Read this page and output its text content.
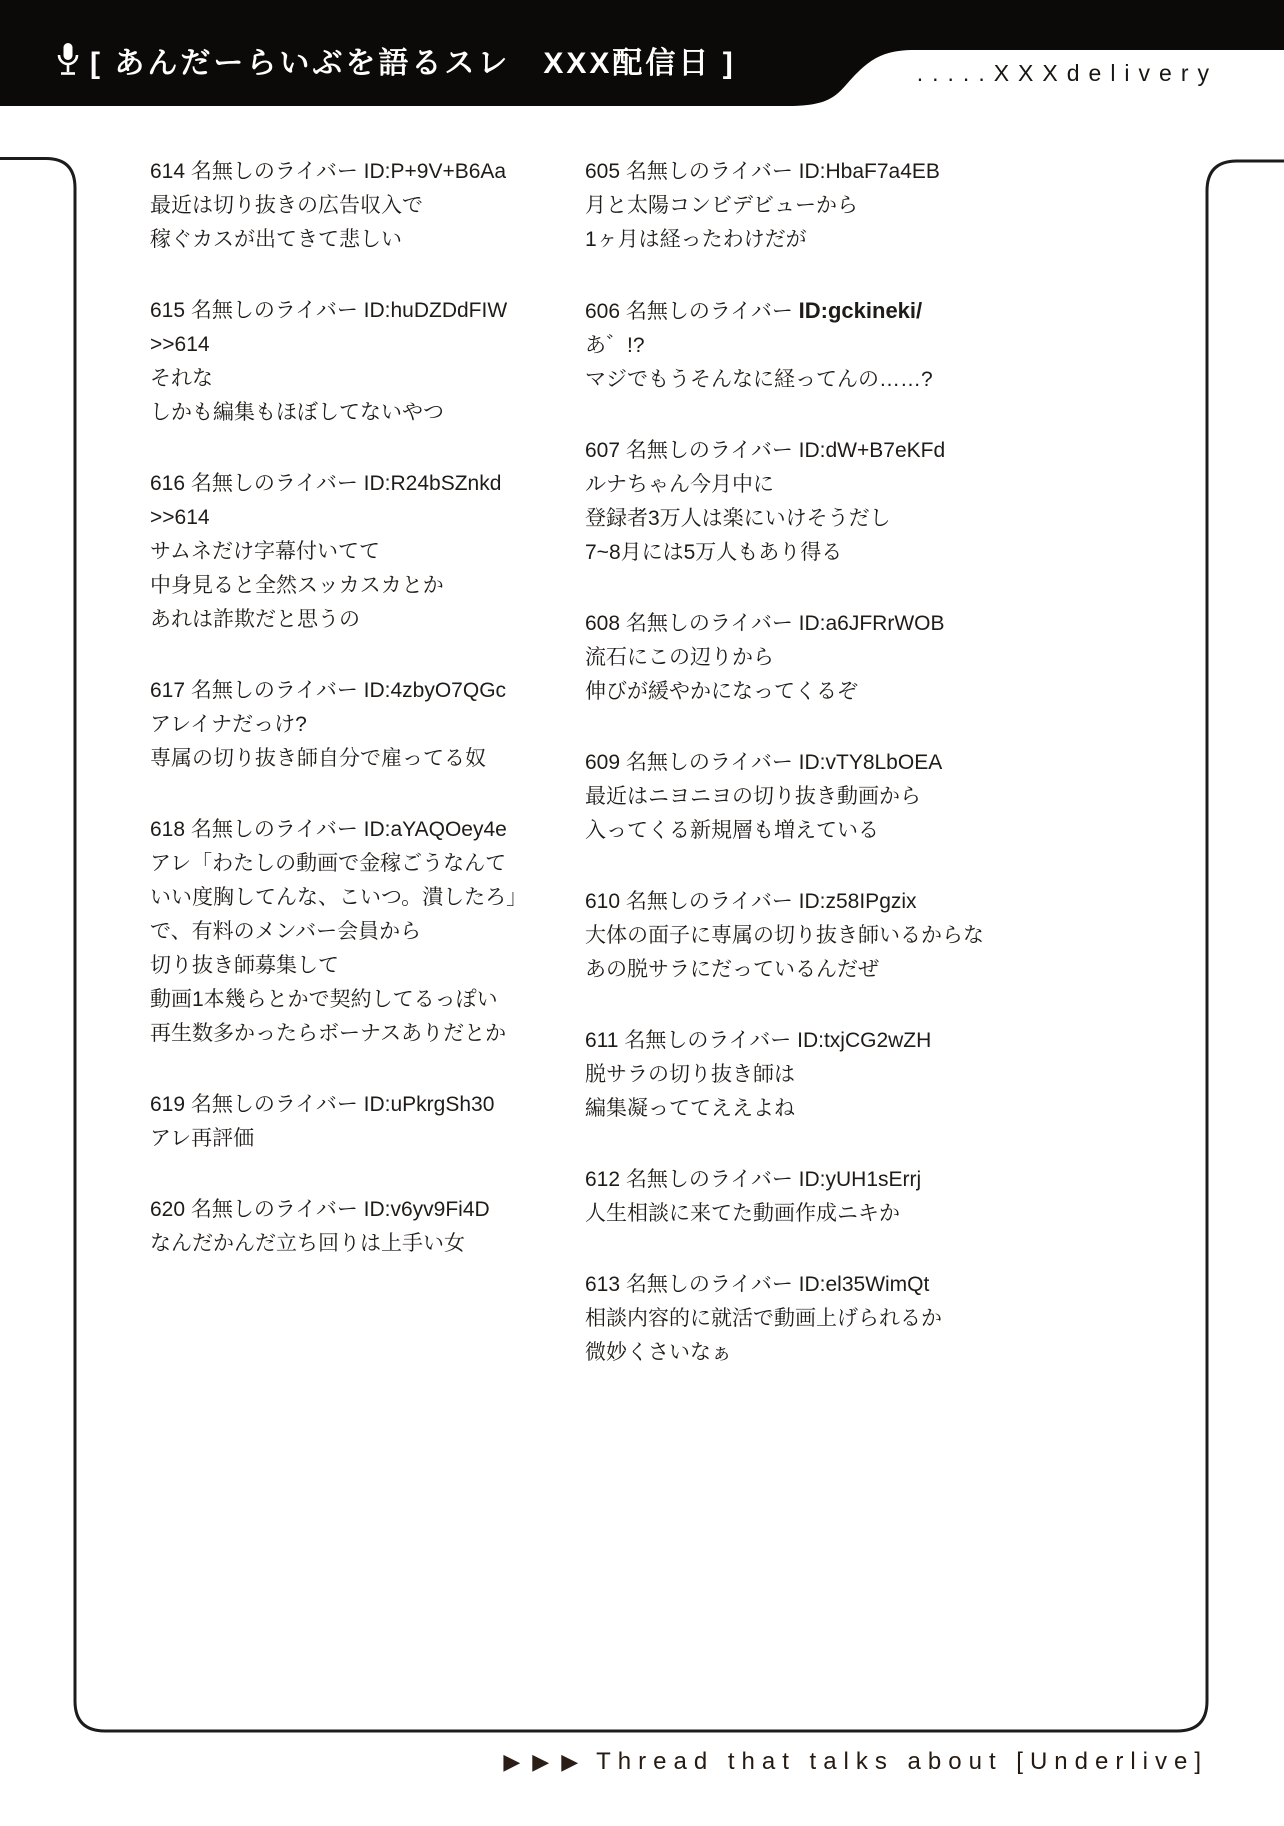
[ あんだーらいぶを語るスレ　XXX配信日 ]	.....XXXdelivery
614 名無しのライバー ID:P+9V+B6Aa
最近は切り抜きの広告収入で
稼ぐカスが出てきて悲しい
615 名無しのライバー ID:huDZDdFIW
>>614
それな
しかも編集もほぼしてないやつ
616 名無しのライバー ID:R24bSZnkd
>>614
サムネだけ字幕付いてて
中身見ると全然スッカスカとか
あれは詐欺だと思うの
617 名無しのライバー ID:4zbyO7QGc
アレイナだっけ?
専属の切り抜き師自分で雇ってる奴
618 名無しのライバー ID:aYAQOey4e
アレ「わたしの動画で金稼ごうなんて
いい度胸してんな、こいつ。潰したろ」
で、有料のメンバー会員から
切り抜き師募集して
動画1本幾らとかで契約してるっぽい
再生数多かったらボーナスありだとか
619 名無しのライバー ID:uPkrgSh30
アレ再評価
620 名無しのライバー ID:v6yv9Fi4D
なんだかんだ立ち回りは上手い女
605 名無しのライバー ID:HbaF7a4EB
月と太陽コンビデビューから
1ヶ月は経ったわけだが
606 名無しのライバー ID:gckineki/
あ゛!?
マジでもうそんなに経ってんの……?
607 名無しのライバー ID:dW+B7eKFd
ルナちゃん今月中に
登録者3万人は楽にいけそうだし
7~8月には5万人もあり得る
608 名無しのライバー ID:a6JFRrWOB
流石にこの辺りから
伸びが緩やかになってくるぞ
609 名無しのライバー ID:vTY8LbOEA
最近はニヨニヨの切り抜き動画から
入ってくる新規層も増えている
610 名無しのライバー ID:z58IPgzix
大体の面子に専属の切り抜き師いるからな
あの脱サラにだっているんだぜ
611 名無しのライバー ID:txjCG2wZH
脱サラの切り抜き師は
編集凝っててええよね
612 名無しのライバー ID:yUH1sErrj
人生相談に来てた動画作成ニキか
613 名無しのライバー ID:el35WimQt
相談内容的に就活で動画上げられるか
微妙くさいなぁ
▶▶▶ Thread that talks about [Underlive]
